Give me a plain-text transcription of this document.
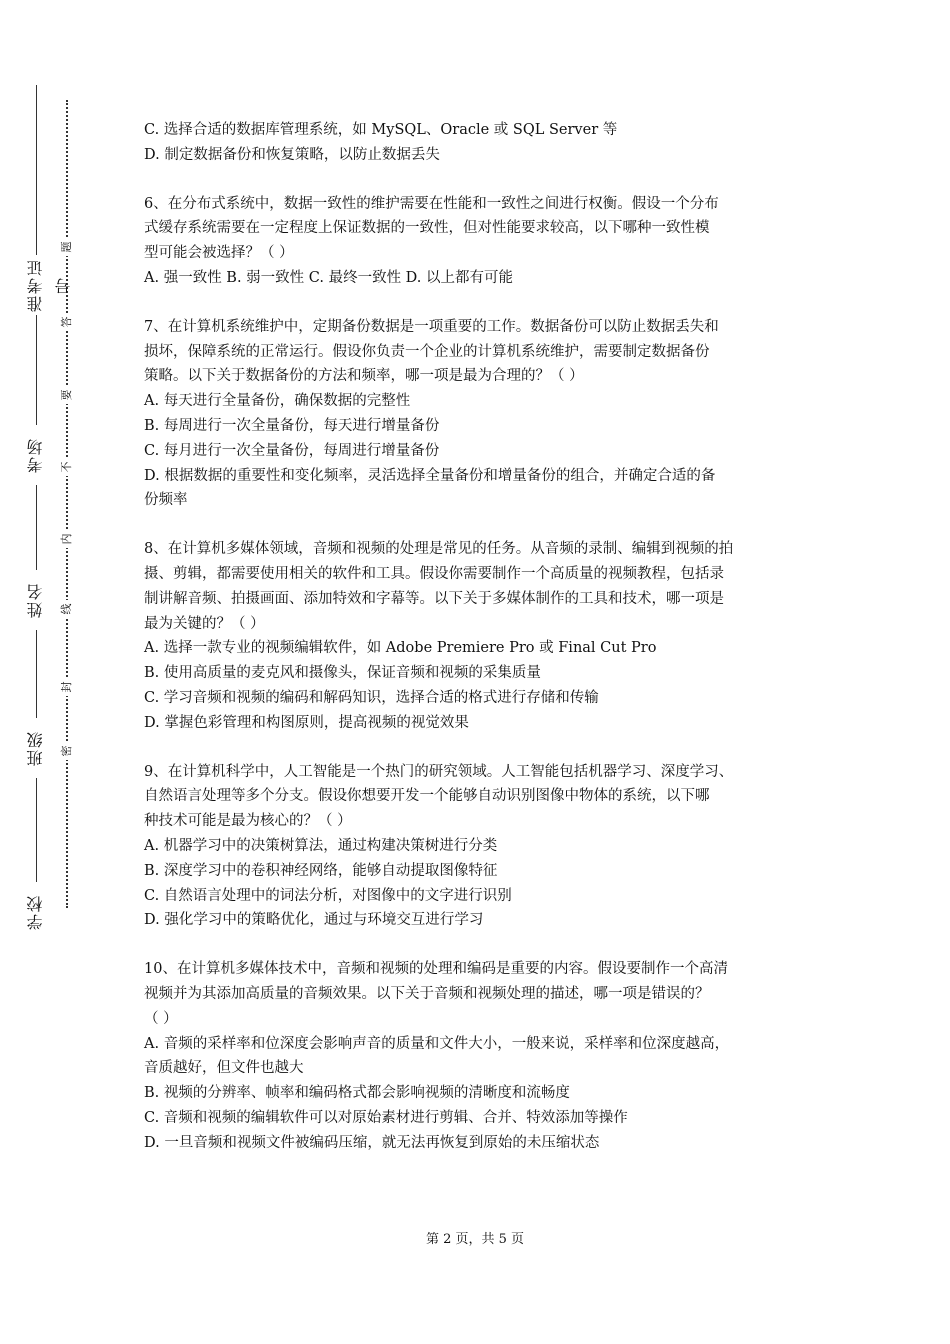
准考证号
考场
姓名
班级
学校
题
答
要
不
内
线
封
密
C. 选择合适的数据库管理系统，如 MySQL、Oracle 或 SQL Server 等
D. 制定数据备份和恢复策略，以防止数据丢失
6、在分布式系统中，数据一致性的维护需要在性能和一致性之间进行权衡。假设一个分布
式缓存系统需要在一定程度上保证数据的一致性，但对性能要求较高，以下哪种一致性模
型可能会被选择？（ ）
A. 强一致性 B. 弱一致性 C. 最终一致性 D. 以上都有可能
7、在计算机系统维护中，定期备份数据是一项重要的工作。数据备份可以防止数据丢失和
损坏，保障系统的正常运行。假设你负责一个企业的计算机系统维护，需要制定数据备份
策略。以下关于数据备份的方法和频率，哪一项是最为合理的？（ ）
A. 每天进行全量备份，确保数据的完整性
B. 每周进行一次全量备份，每天进行增量备份
C. 每月进行一次全量备份，每周进行增量备份
D. 根据数据的重要性和变化频率，灵活选择全量备份和增量备份的组合，并确定合适的备
份频率
8、在计算机多媒体领域，音频和视频的处理是常见的任务。从音频的录制、编辑到视频的拍
摄、剪辑，都需要使用相关的软件和工具。假设你需要制作一个高质量的视频教程，包括录
制讲解音频、拍摄画面、添加特效和字幕等。以下关于多媒体制作的工具和技术，哪一项是
最为关键的？（ ）
A. 选择一款专业的视频编辑软件，如 Adobe Premiere Pro 或 Final Cut Pro
B. 使用高质量的麦克风和摄像头，保证音频和视频的采集质量
C. 学习音频和视频的编码和解码知识，选择合适的格式进行存储和传输
D. 掌握色彩管理和构图原则，提高视频的视觉效果
9、在计算机科学中，人工智能是一个热门的研究领域。人工智能包括机器学习、深度学习、
自然语言处理等多个分支。假设你想要开发一个能够自动识别图像中物体的系统，以下哪
种技术可能是最为核心的？（ ）
A. 机器学习中的决策树算法，通过构建决策树进行分类
B. 深度学习中的卷积神经网络，能够自动提取图像特征
C. 自然语言处理中的词法分析，对图像中的文字进行识别
D. 强化学习中的策略优化，通过与环境交互进行学习
10、在计算机多媒体技术中，音频和视频的处理和编码是重要的内容。假设要制作一个高清
视频并为其添加高质量的音频效果。以下关于音频和视频处理的描述，哪一项是错误的？
（ ）
A. 音频的采样率和位深度会影响声音的质量和文件大小，一般来说，采样率和位深度越高，
音质越好，但文件也越大
B. 视频的分辨率、帧率和编码格式都会影响视频的清晰度和流畅度
C. 音频和视频的编辑软件可以对原始素材进行剪辑、合并、特效添加等操作
D. 一旦音频和视频文件被编码压缩，就无法再恢复到原始的未压缩状态
第 2 页，共 5 页
